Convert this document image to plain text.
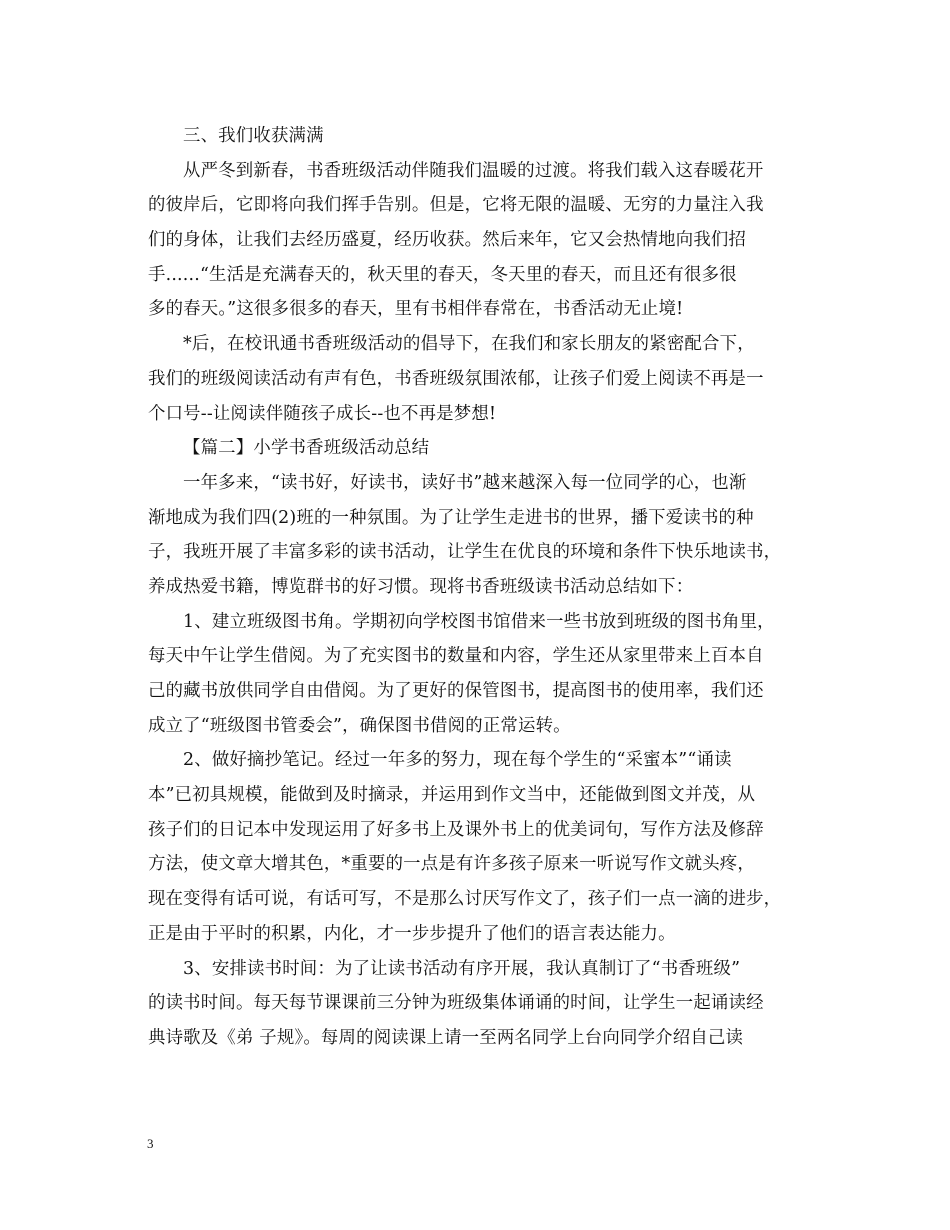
三、我们收获满满
从严冬到新春，书香班级活动伴随我们温暖的过渡。将我们载入这春暖花开
的彼岸后，它即将向我们挥手告别。但是，它将无限的温暖、无穷的力量注入我
们的身体，让我们去经历盛夏，经历收获。然后来年，它又会热情地向我们招
手......“生活是充满春天的，秋天里的春天，冬天里的春天，而且还有很多很
多的春天。”这很多很多的春天，里有书相伴春常在，书香活动无止境!
*后，在校讯通书香班级活动的倡导下，在我们和家长朋友的紧密配合下，
我们的班级阅读活动有声有色，书香班级氛围浓郁，让孩子们爱上阅读不再是一
个口号--让阅读伴随孩子成长--也不再是梦想!
【篇二】小学书香班级活动总结
一年多来，“读书好，好读书，读好书”越来越深入每一位同学的心，也渐
渐地成为我们四(2)班的一种氛围。为了让学生走进书的世界，播下爱读书的种
子，我班开展了丰富多彩的读书活动，让学生在优良的环境和条件下快乐地读书，
养成热爱书籍，博览群书的好习惯。现将书香班级读书活动总结如下：
1、建立班级图书角。学期初向学校图书馆借来一些书放到班级的图书角里，
每天中午让学生借阅。为了充实图书的数量和内容，学生还从家里带来上百本自
己的藏书放供同学自由借阅。为了更好的保管图书，提高图书的使用率，我们还
成立了“班级图书管委会”，确保图书借阅的正常运转。
2、做好摘抄笔记。经过一年多的努力，现在每个学生的“采蜜本”“诵读
本”已初具规模，能做到及时摘录，并运用到作文当中，还能做到图文并茂，从
孩子们的日记本中发现运用了好多书上及课外书上的优美词句，写作方法及修辞
方法，使文章大增其色，*重要的一点是有许多孩子原来一听说写作文就头疼，
现在变得有话可说，有话可写，不是那么讨厌写作文了，孩子们一点一滴的进步，
正是由于平时的积累，内化，才一步步提升了他们的语言表达能力。
3、安排读书时间：为了让读书活动有序开展，我认真制订了“书香班级”
的读书时间。每天每节课课前三分钟为班级集体诵诵的时间，让学生一起诵读经
典诗歌及《弟 子规》。每周的阅读课上请一至两名同学上台向同学介绍自己读
3
